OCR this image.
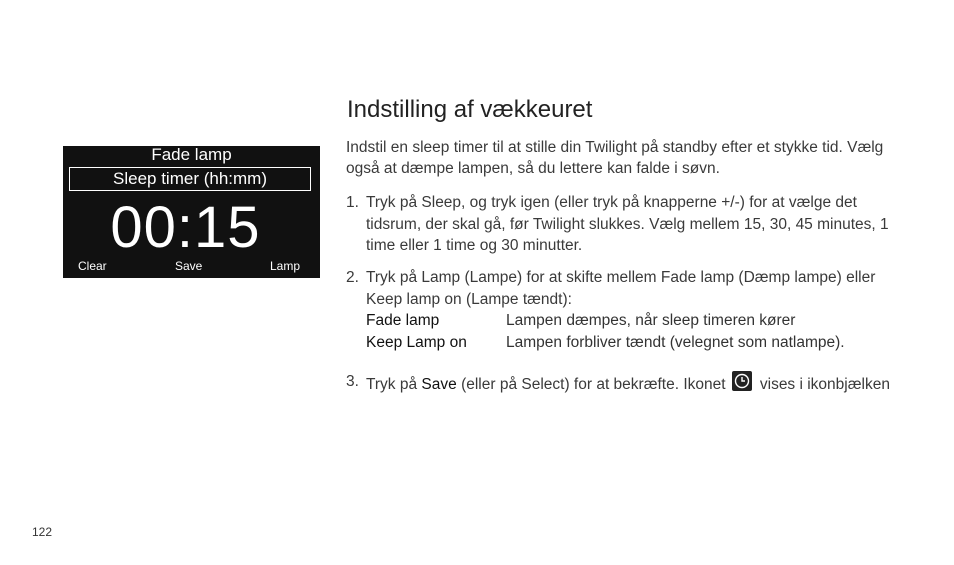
Fade lamp
Sleep timer (hh:mm)
00:15
Clear	Save	Lamp
Indstilling af vækkeuret

Indstil en sleep timer til at stille din Twilight på standby efter et stykke tid. Vælg også at dæmpe lampen, så du lettere kan falde i søvn.

1. Tryk på Sleep, og tryk igen (eller tryk på knapperne +/-) for at vælge det tidsrum, der skal gå, før Twilight slukkes. Vælg mellem 15, 30, 45 minutes, 1 time eller 1 time og 30 minutter.
2. Tryk på Lamp (Lampe) for at skifte mellem Fade lamp (Dæmp lampe) eller Keep lamp on (Lampe tændt):
Fade lamp	Lampen dæmpes, når sleep timeren kører
Keep Lamp on	Lampen forbliver tændt (velegnet som natlampe).
3. Tryk på Save (eller på Select) for at bekræfte. Ikonet
vises i ikonbjælken
122
